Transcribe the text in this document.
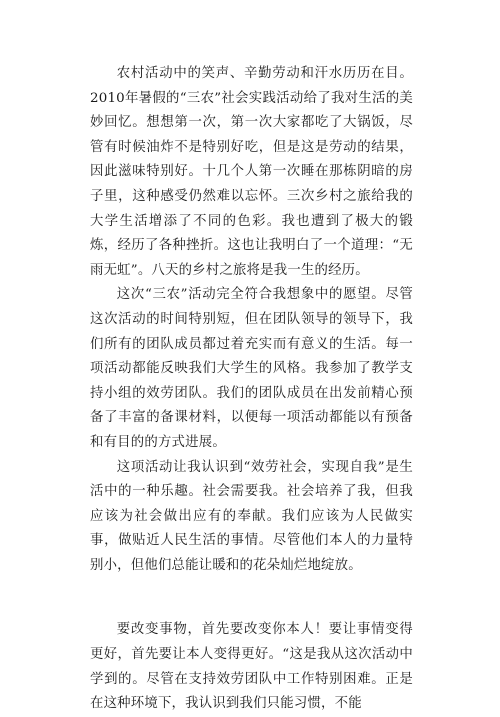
农村活动中的笑声、辛勤劳动和汗水历历在目。2010年暑假的“三农”社会实践活动给了我对生活的美妙回忆。想想第一次，第一次大家都吃了大锅饭，尽管有时候油炸不是特别好吃，但是这是劳动的结果，因此滋味特别好。十几个人第一次睡在那栋阴暗的房子里，这种感受仍然难以忘怀。三次乡村之旅给我的大学生活增添了不同的色彩。我也遭到了极大的锻炼，经历了各种挫折。这也让我明白了一个道理：“无雨无虹”。八天的乡村之旅将是我一生的经历。

这次“三农”活动完全符合我想象中的愿望。尽管这次活动的时间特别短，但在团队领导的领导下，我们所有的团队成员都过着充实而有意义的生活。每一项活动都能反映我们大学生的风格。我参加了教学支持小组的效劳团队。我们的团队成员在出发前精心预备了丰富的备课材料，以便每一项活动都能以有预备和有目的的方式进展。

这项活动让我认识到“效劳社会，实现自我”是生活中的一种乐趣。社会需要我。社会培养了我，但我应该为社会做出应有的奉献。我们应该为人民做实事，做贴近人民生活的事情。尽管他们本人的力量特别小，但他们总能让暖和的花朵灿烂地绽放。

要改变事物，首先要改变你本人！要让事情变得更好，首先要让本人变得更好。“这是我从这次活动中学到的。尽管在支持效劳团队中工作特别困难。正是在这种环境下，我认识到我们只能习惯，不能
